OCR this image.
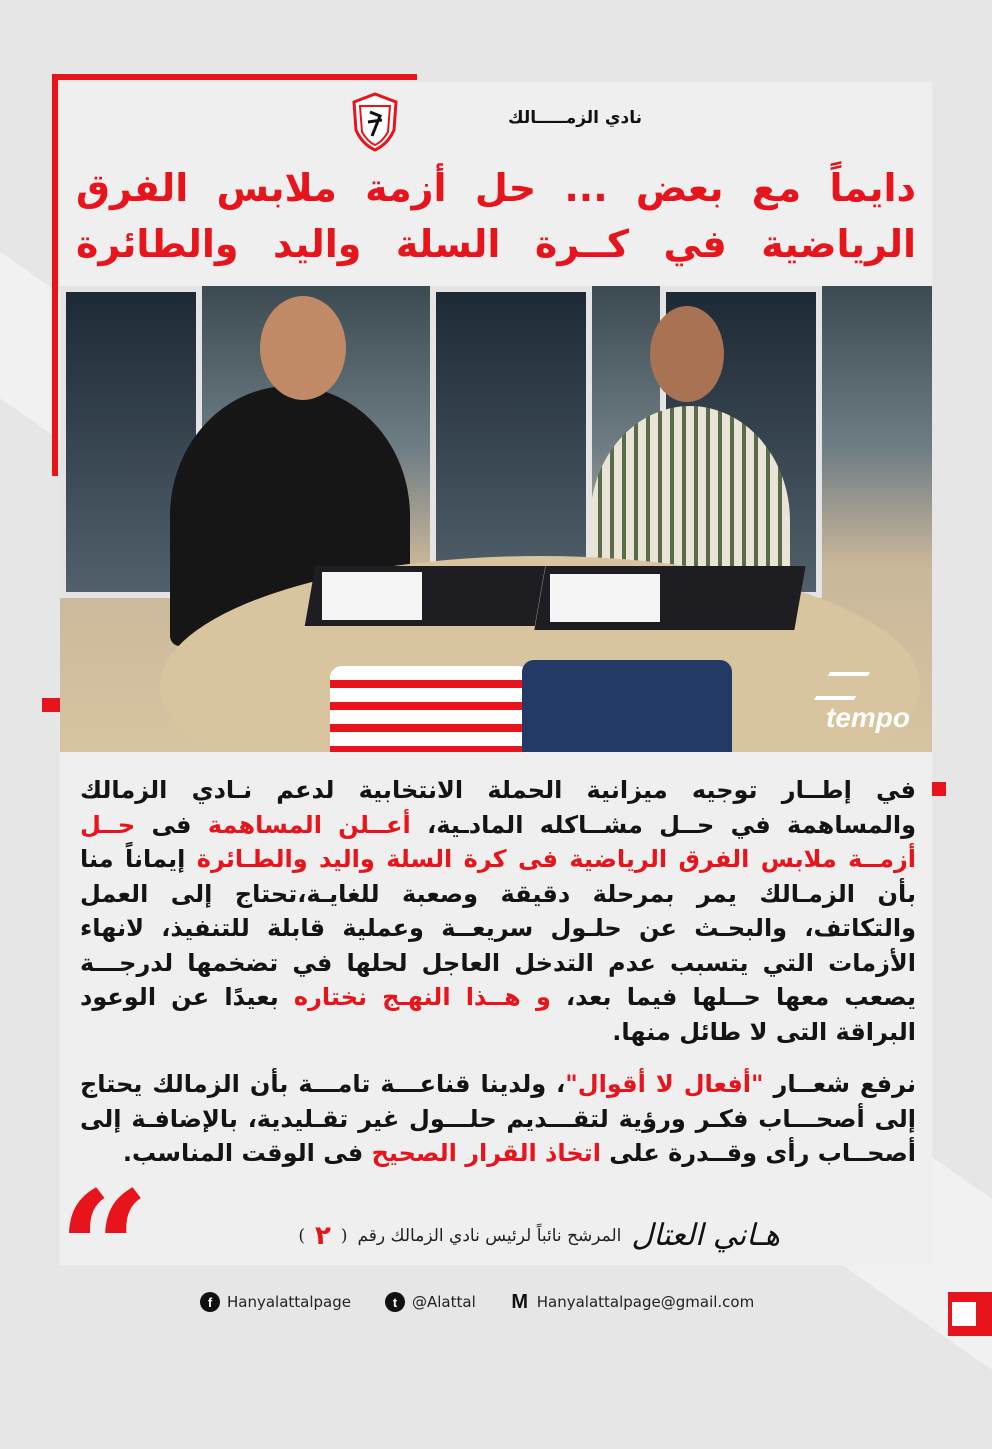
نادي الزمـــــالك
دايماً مع بعض ... حل أزمة ملابس الفرق
الرياضية في كــرة السلة واليد والطائرة
tempo
في إطــار توجيه ميزانية الحملة الانتخابية لدعم نـادي الزمالك والمساهمة في حــل مشــاكله المادـية، أعــلن المساهمة فى حــل أزمــة ملابس الفرق الرياضية فى كرة السلة واليد والطـائرة إيماناً منا بأن الزمـالك يمر بمرحلة دقيقة وصعبة للغايـة،تحتاج إلى العمل والتكاتف، والبحـث عن حلـول سريعــة وعملية قابلة للتنفيذ، لانهاء الأزمات التي يتسبب عدم التدخل العاجل لحلها في تضخمها لدرجـــة يصعب معها حــلها فيما بعد، و هــذا النهـج نختاره بعيدًا عن الوعود البراقة التى لا طائل منها.
نرفع شعــار "أفعال لا أقوال"، ولدينا قناعـــة تامـــة بأن الزمالك يحتاج إلى أصحـــاب فكـر ورؤية لتقـــديم حلـــول غير تقـليدية، بالإضافـة إلى أصحــاب رأى وقــدرة على اتخاذ القرار الصحيح فى الوقت المناسب.
“	هـاني العتال
المرشح نائباً لرئيس نادي الزمالك رقم
(
٢
)
f Hanyalattalpage	t @Alattal M Hanyalattalpage@gmail.com
